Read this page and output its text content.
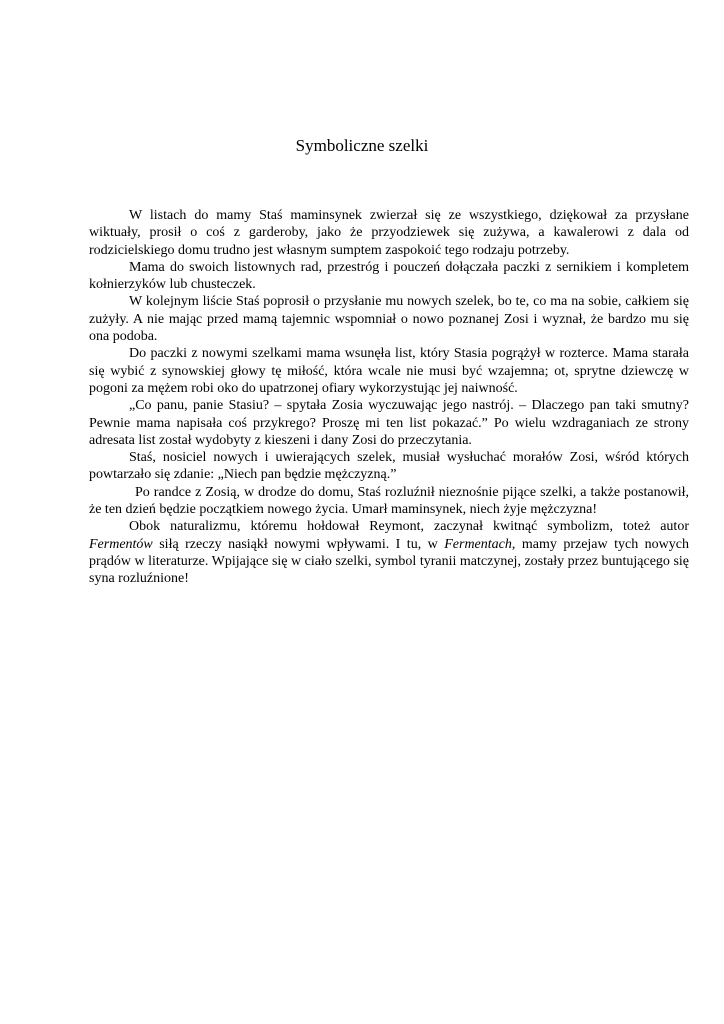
Symboliczne szelki

W listach do mamy Staś maminsynek zwierzał się ze wszystkiego, dziękował za przysłane wiktuały, prosił o coś z garderoby, jako że przyodziewek się zużywa, a kawalerowi z dala od rodzicielskiego domu trudno jest własnym sumptem zaspokoić tego rodzaju potrzeby.

Mama do swoich listownych rad, przestróg i pouczeń dołączała paczki z sernikiem i kompletem kołnierzyków lub chusteczek.

W kolejnym liście Staś poprosił o przysłanie mu nowych szelek, bo te, co ma na sobie, całkiem się zużyły. A nie mając przed mamą tajemnic wspomniał o nowo poznanej Zosi i wyznał, że bardzo mu się ona podoba.

Do paczki z nowymi szelkami mama wsunęła list, który Stasia pogrążył w rozterce. Mama starała się wybić z synowskiej głowy tę miłość, która wcale nie musi być wzajemna; ot, sprytne dziewczę w pogoni za mężem robi oko do upatrzonej ofiary wykorzystując jej naiwność.

„Co panu, panie Stasiu? – spytała Zosia wyczuwając jego nastrój. – Dlaczego pan taki smutny? Pewnie mama napisała coś przykrego? Proszę mi ten list pokazać.” Po wielu wzdraganiach ze strony adresata list został wydobyty z kieszeni i dany Zosi do przeczytania.

Staś, nosiciel nowych i uwierających szelek, musiał wysłuchać morałów Zosi, wśród których powtarzało się zdanie: „Niech pan będzie mężczyzną.”

Po randce z Zosią, w drodze do domu, Staś rozluźnił nieznośnie pijące szelki, a także postanowił, że ten dzień będzie początkiem nowego życia. Umarł maminsynek, niech żyje mężczyzna!

Obok naturalizmu, któremu hołdował Reymont, zaczynał kwitnąć symbolizm, toteż autor Fermentów siłą rzeczy nasiąkł nowymi wpływami. I tu, w Fermentach, mamy przejaw tych nowych prądów w literaturze. Wpijające się w ciało szelki, symbol tyranii matczynej, zostały przez buntującego się syna rozluźnione!
